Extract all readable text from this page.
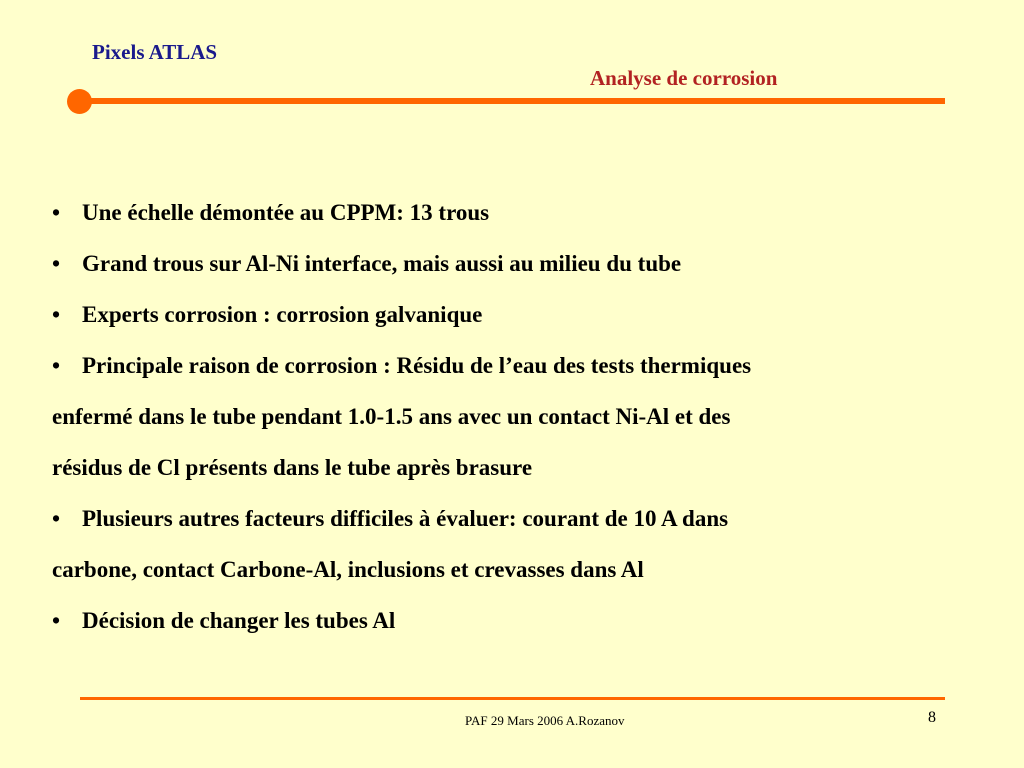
Pixels ATLAS
Analyse de corrosion
• Une échelle démontée au CPPM: 13 trous
• Grand trous sur Al-Ni interface, mais aussi au milieu du tube
• Experts corrosion : corrosion galvanique
• Principale raison de corrosion : Résidu de l’eau des tests thermiques
enfermé dans le tube pendant 1.0-1.5 ans avec un contact Ni-Al et des
résidus de Cl présents dans le tube après brasure
• Plusieurs autres facteurs difficiles à évaluer: courant de 10 A dans
carbone, contact Carbone-Al, inclusions et crevasses dans Al
• Décision de changer les tubes Al
PAF 29 Mars 2006 A.Rozanov	8
